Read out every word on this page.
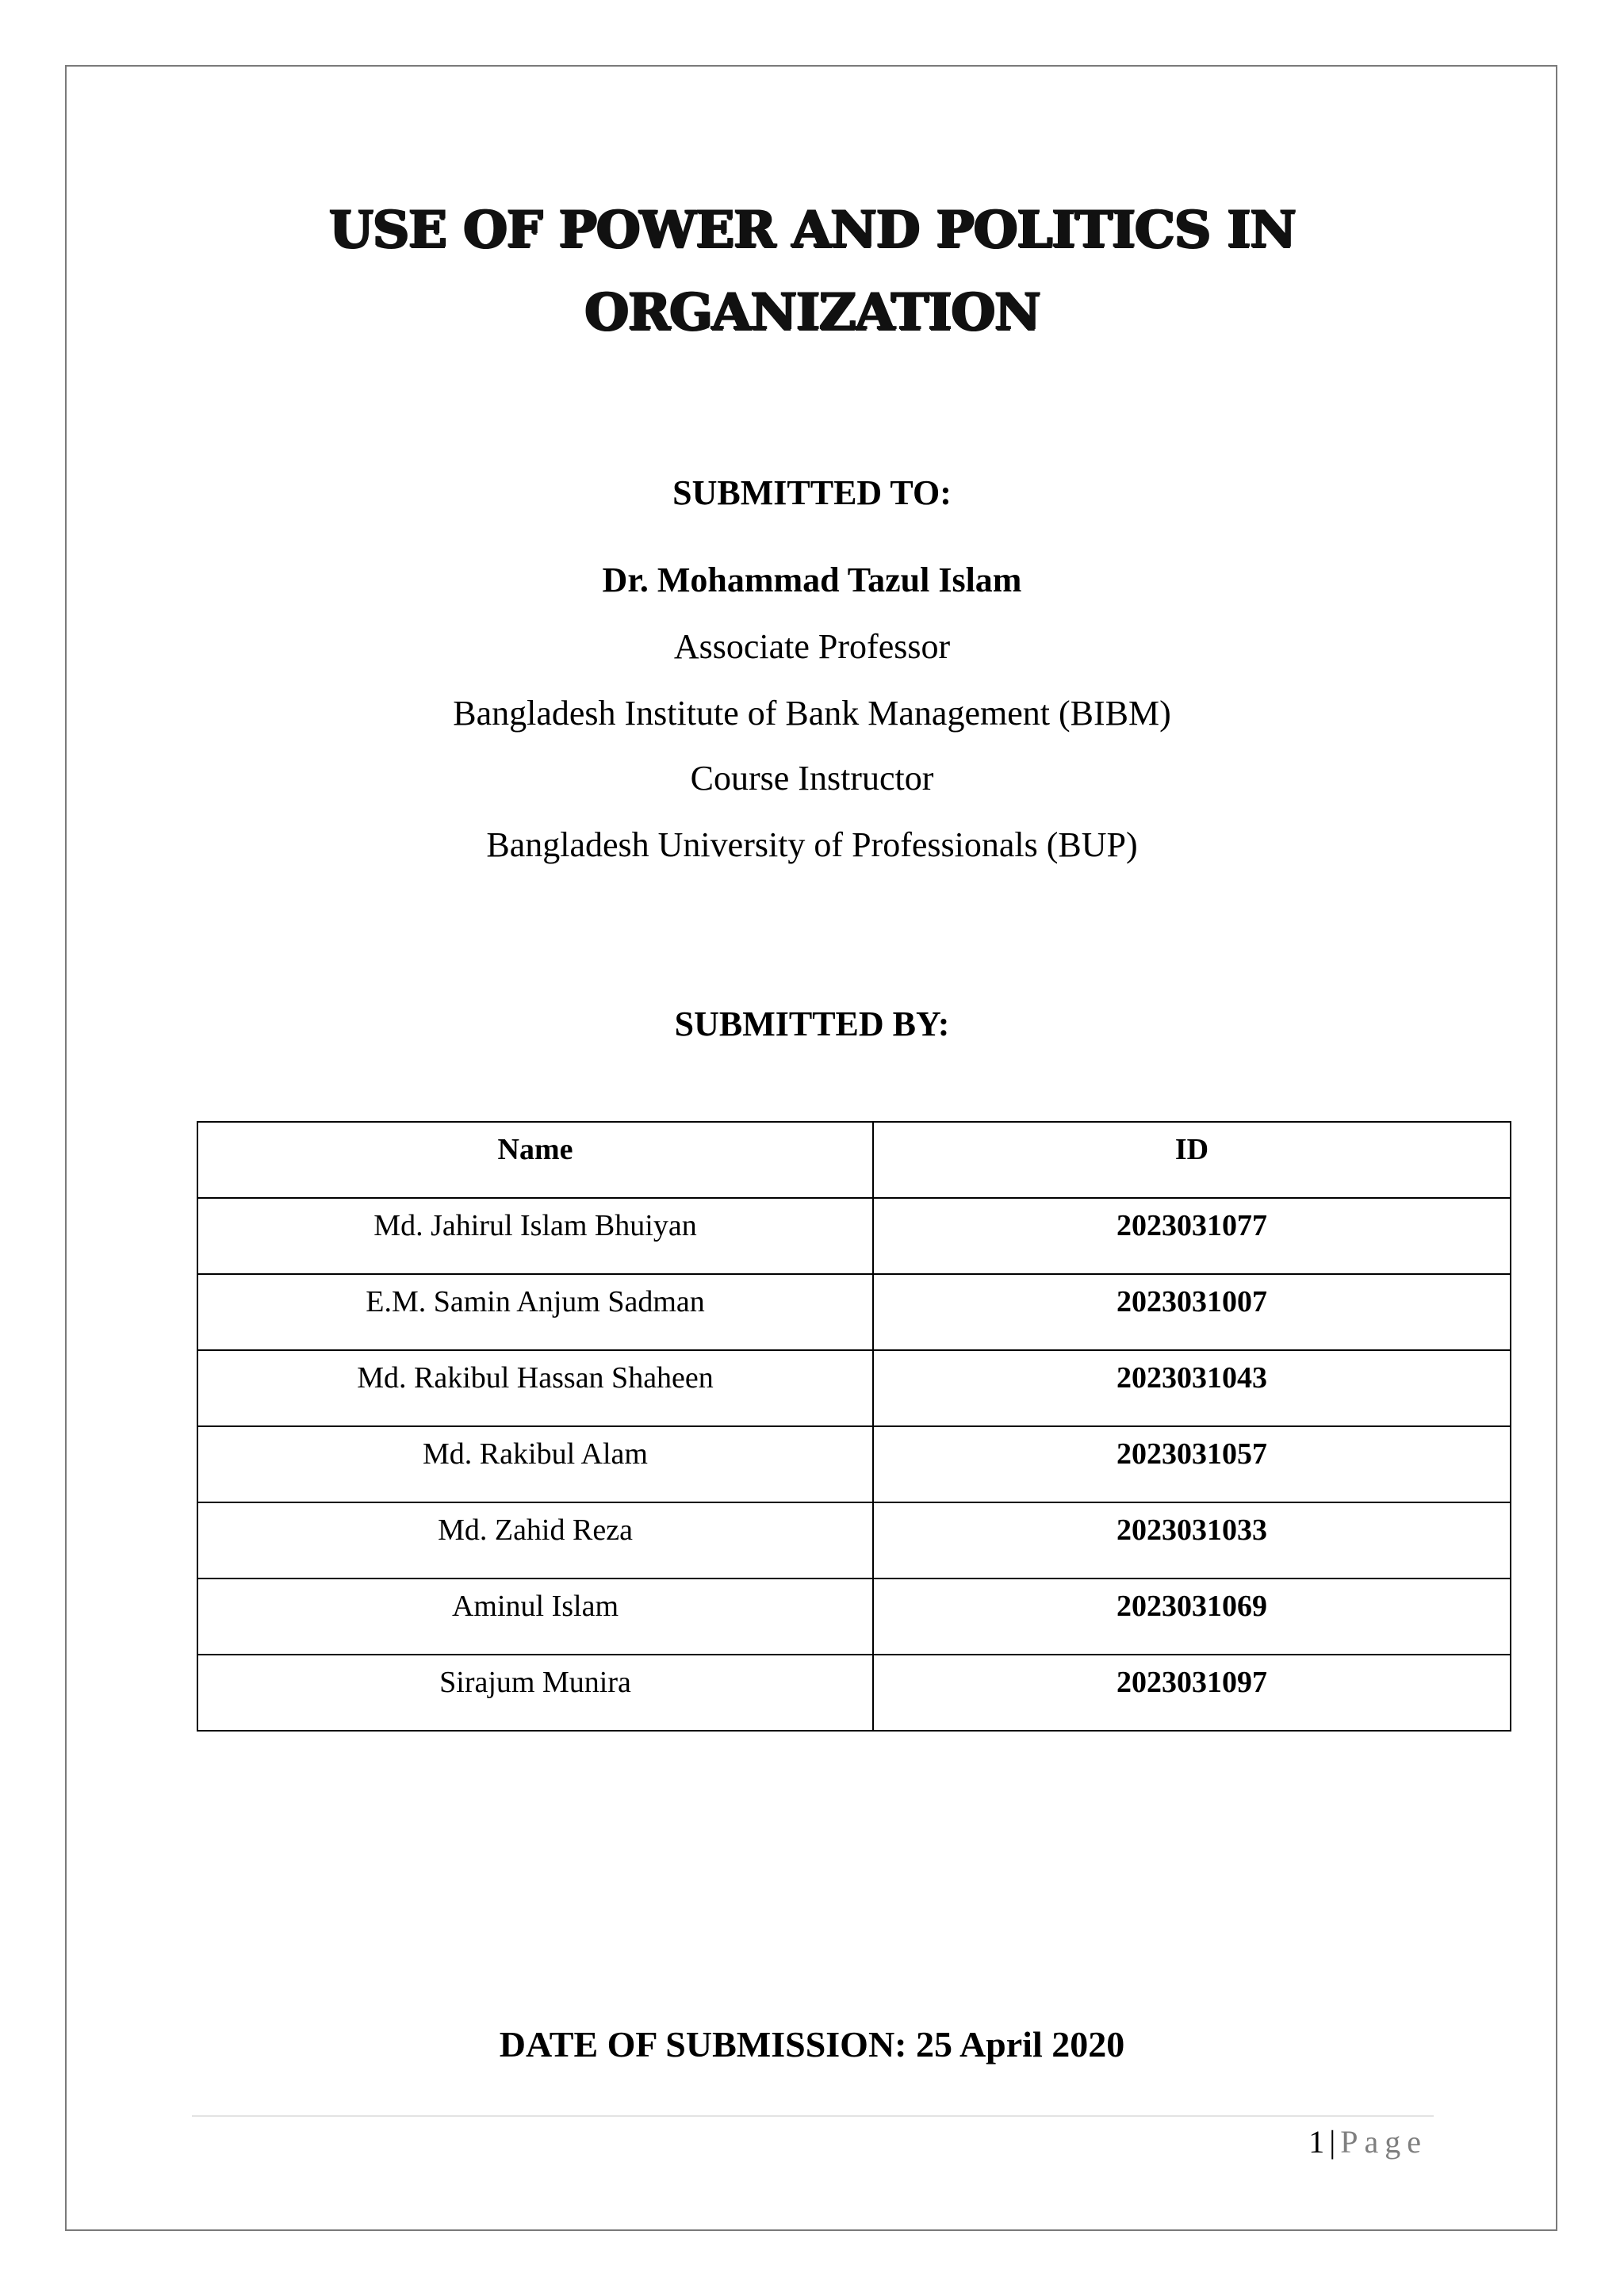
USE OF POWER AND POLITICS IN
ORGANIZATION
SUBMITTED TO:
Dr. Mohammad Tazul Islam
Associate Professor
Bangladesh Institute of Bank Management (BIBM)
Course Instructor
Bangladesh University of Professionals (BUP)
SUBMITTED BY:
Name	ID
Md. Jahirul Islam Bhuiyan	2023031077
E.M. Samin Anjum Sadman	2023031007
Md. Rakibul Hassan Shaheen	2023031043
Md. Rakibul Alam	2023031057
Md. Zahid Reza	2023031033
Aminul Islam	2023031069
Sirajum Munira	2023031097
DATE OF SUBMISSION: 25 April 2020
1 | Page
